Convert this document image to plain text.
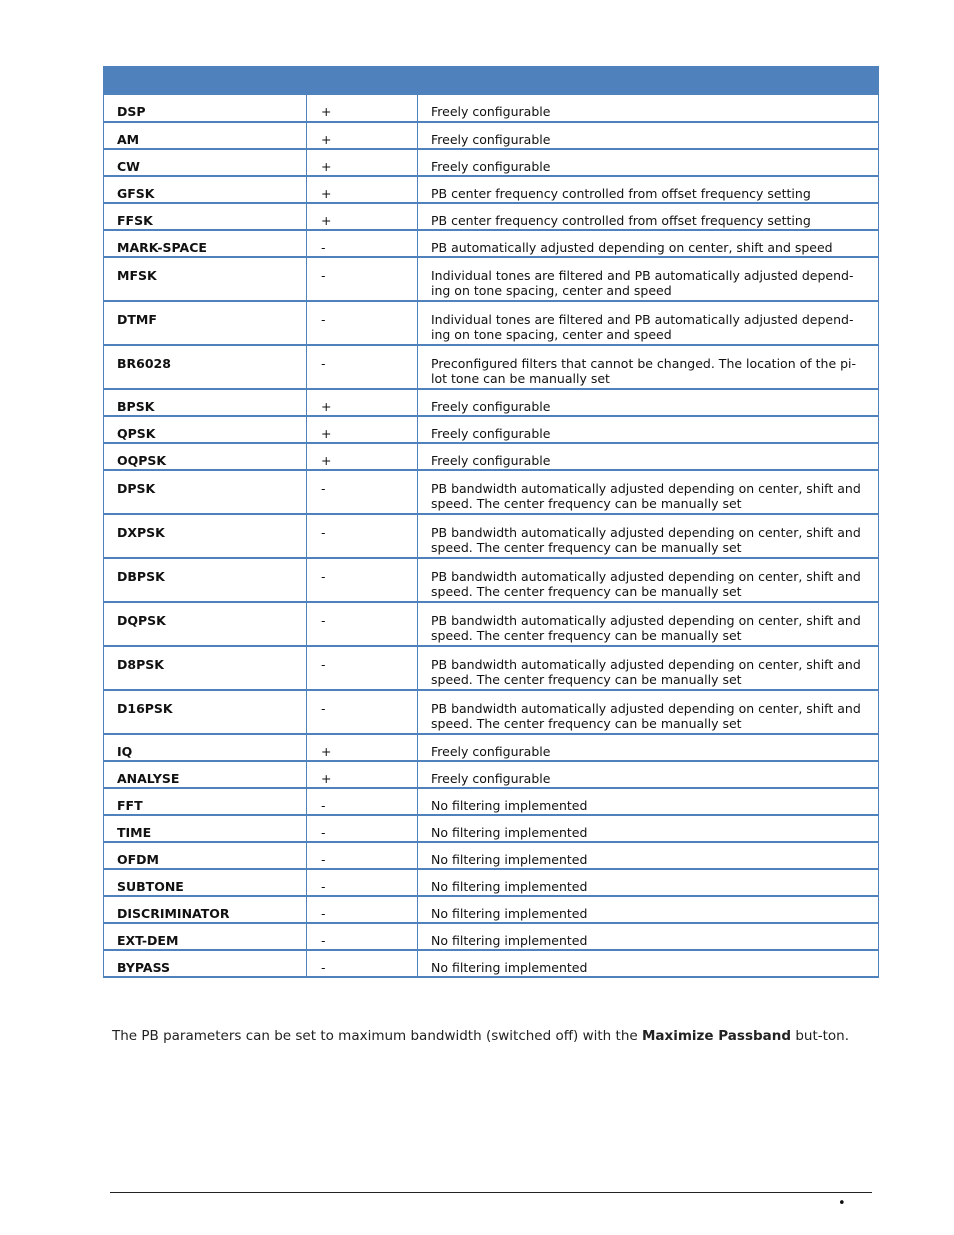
DSP	+	Freely configurable
AM	+	Freely configurable
CW	+	Freely configurable
GFSK	+	PB center frequency controlled from offset frequency setting
FFSK	+	PB center frequency controlled from offset frequency setting
MARK-SPACE	-	PB automatically adjusted depending on center, shift and speed
MFSK	-	Individual tones are filtered and PB automatically adjusted depend-ing on tone spacing, center and speed
DTMF	-	Individual tones are filtered and PB automatically adjusted depend-ing on tone spacing, center and speed
BR6028	-	Preconfigured filters that cannot be changed. The location of the pi-lot tone can be manually set
BPSK	+	Freely configurable
QPSK	+	Freely configurable
OQPSK	+	Freely configurable
DPSK	-	PB bandwidth automatically adjusted depending on center, shift and speed. The center frequency can be manually set
DXPSK	-	PB bandwidth automatically adjusted depending on center, shift and speed. The center frequency can be manually set
DBPSK	-	PB bandwidth automatically adjusted depending on center, shift and speed. The center frequency can be manually set
DQPSK	-	PB bandwidth automatically adjusted depending on center, shift and speed. The center frequency can be manually set
D8PSK	-	PB bandwidth automatically adjusted depending on center, shift and speed. The center frequency can be manually set
D16PSK	-	PB bandwidth automatically adjusted depending on center, shift and speed. The center frequency can be manually set
IQ	+	Freely configurable
ANALYSE	+	Freely configurable
FFT	-	No filtering implemented
TIME	-	No filtering implemented
OFDM	-	No filtering implemented
SUBTONE	-	No filtering implemented
DISCRIMINATOR	-	No filtering implemented
EXT-DEM	-	No filtering implemented
BYPASS	-	No filtering implemented

The PB parameters can be set to maximum bandwidth (switched off) with the Maximize Passband but-ton.

•
